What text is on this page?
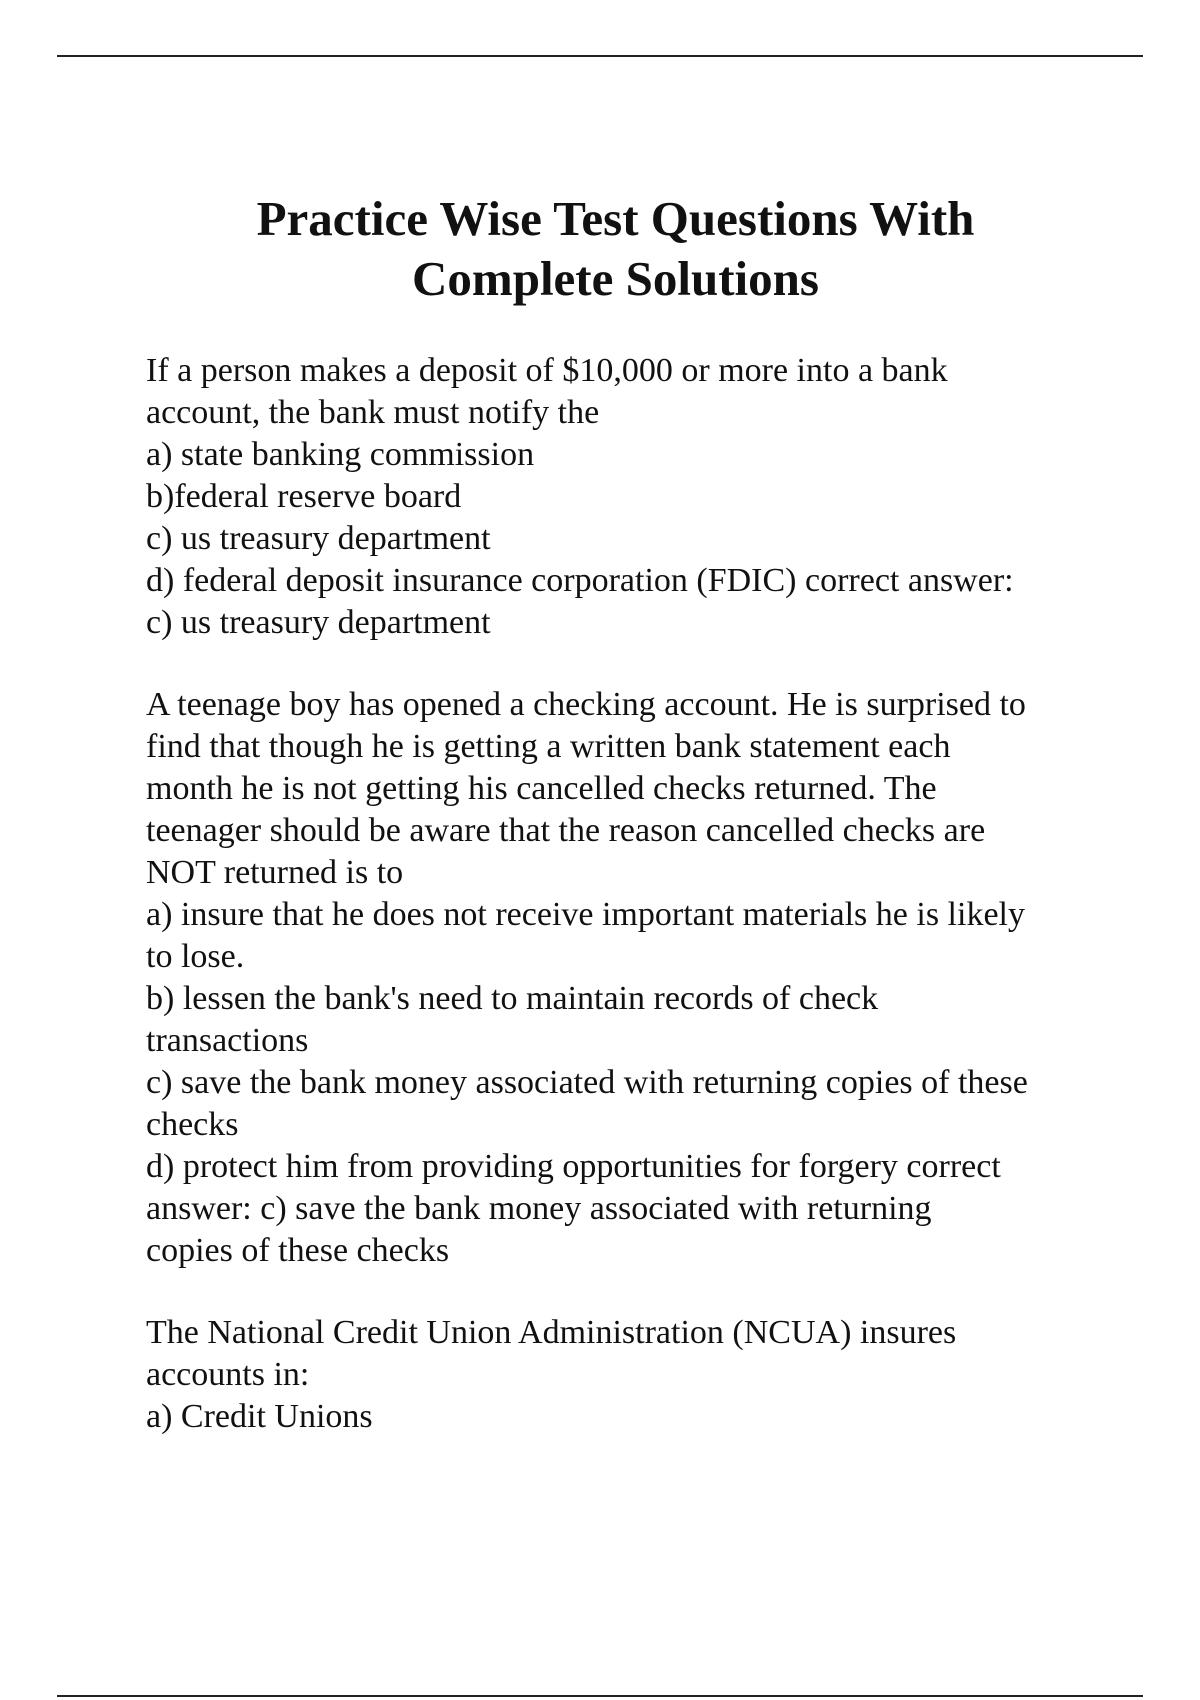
Practice Wise Test Questions With
Complete Solutions
If a person makes a deposit of $10,000 or more into a bank
account, the bank must notify the
a) state banking commission
b)federal reserve board
c) us treasury department
d) federal deposit insurance corporation (FDIC) correct answer:
c) us treasury department
A teenage boy has opened a checking account. He is surprised to
find that though he is getting a written bank statement each
month he is not getting his cancelled checks returned. The
teenager should be aware that the reason cancelled checks are
NOT returned is to
a) insure that he does not receive important materials he is likely
to lose.
b) lessen the bank's need to maintain records of check
transactions
c) save the bank money associated with returning copies of these
checks
d) protect him from providing opportunities for forgery correct
answer: c) save the bank money associated with returning
copies of these checks
The National Credit Union Administration (NCUA) insures
accounts in:
a) Credit Unions
